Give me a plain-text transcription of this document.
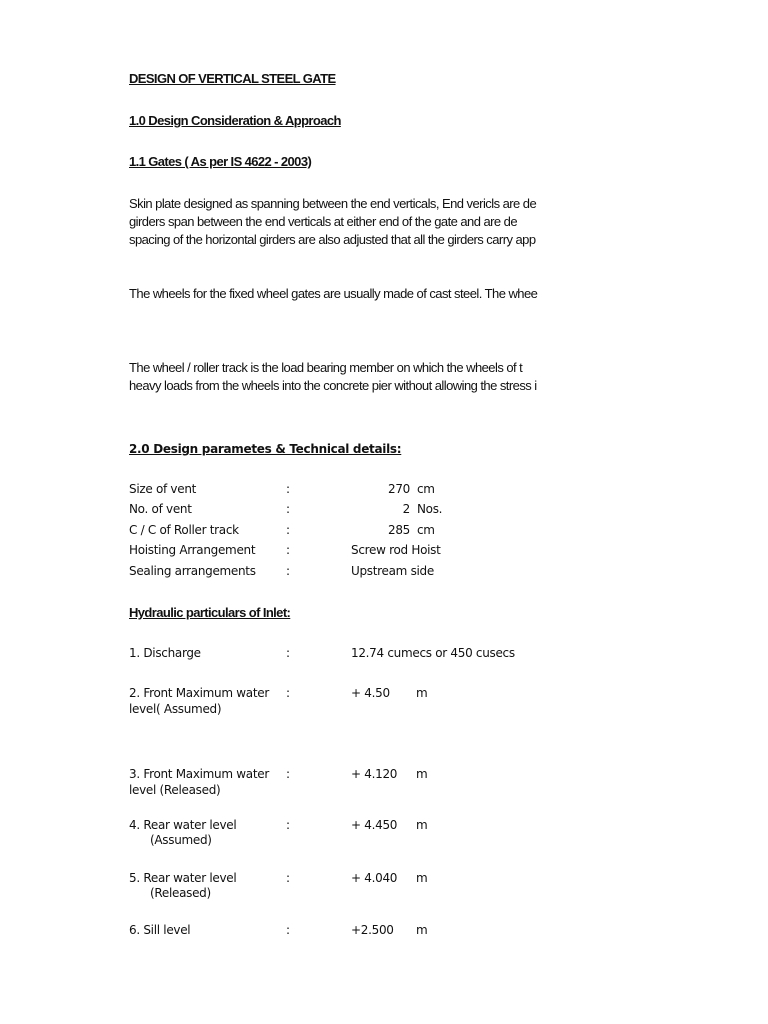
DESIGN OF VERTICAL STEEL GATE
1.0 Design Consideration & Approach
1.1 Gates ( As per IS 4622 - 2003)
Skin plate designed as spanning between the end verticals, End vericls are de
girders span between the end verticals at either end of the gate and are de
spacing of the horizontal girders are also adjusted that all the girders carry app
The wheels for the fixed wheel gates are usually made of cast steel. The whee
The wheel / roller track is the load bearing member on which the wheels of t
heavy loads from the wheels into the concrete pier without allowing the stress i
2.0 Design parametes & Technical details:
Size of vent	:	270 cm
No. of vent	:	2 Nos.
C / C of Roller track	:	285 cm
Hoisting Arrangement	:	Screw rod Hoist
Sealing arrangements	:	Upstream side
Hydraulic particulars of Inlet:
1. Discharge	:	12.74 cumecs or 450 cusecs
2. Front Maximum water
level( Assumed)
:	+ 4.50 m
3. Front Maximum water
level (Released)
:	+ 4.120 m
4. Rear water level
(Assumed)
:	+ 4.450 m
5. Rear water level
(Released)
:	+ 4.040 m
6. Sill level	:	+2.500 m
